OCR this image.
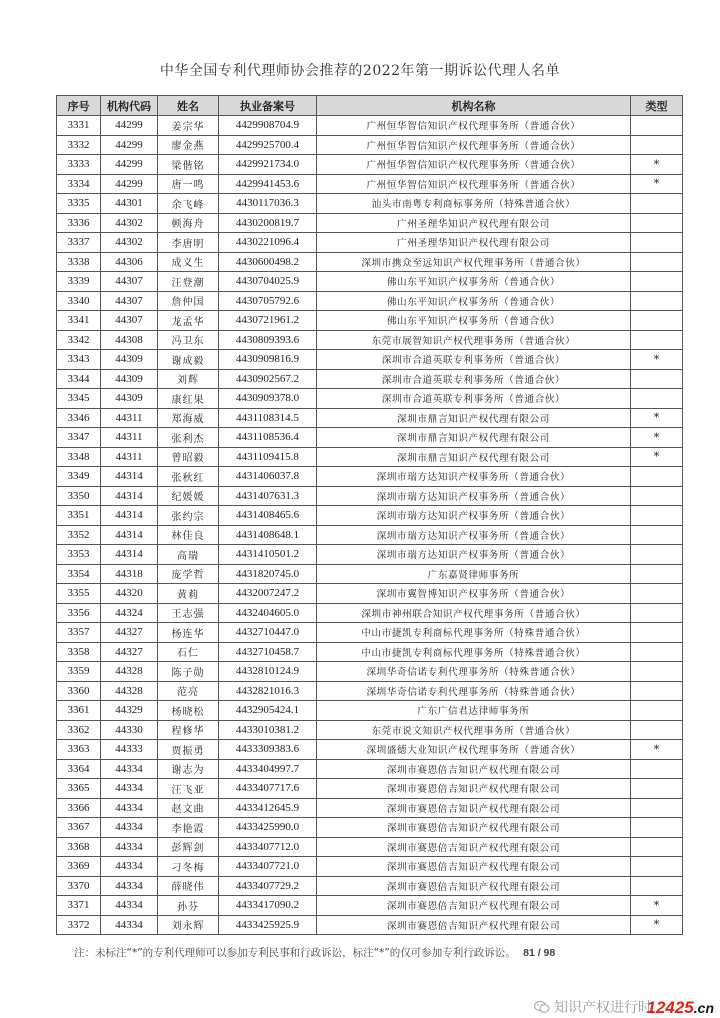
中华全国专利代理师协会推荐的2022年第一期诉讼代理人名单
序号	机构代码	姓名	执业备案号	机构名称	类型
3331	44299	姜宗华	4429908704.9	广州恒华智信知识产权代理事务所（普通合伙）	
3332	44299	廖金燕	4429925700.4	广州恒华智信知识产权代理事务所（普通合伙）	
3333	44299	梁偕铭	4429921734.0	广州恒华智信知识产权代理事务所（普通合伙）	*
3334	44299	唐一鸣	4429941453.6	广州恒华智信知识产权代理事务所（普通合伙）	*
3335	44301	余飞峰	4430117036.3	汕头市南粤专利商标事务所（特殊普通合伙）	
3336	44302	顿海舟	4430200819.7	广州圣理华知识产权代理有限公司	
3337	44302	李唐明	4430221096.4	广州圣理华知识产权代理有限公司	
3338	44306	成义生	4430600498.2	深圳市携众至远知识产权代理事务所（普通合伙）	
3339	44307	汪登潮	4430704025.9	佛山东平知识产权事务所（普通合伙）	
3340	44307	詹仲国	4430705792.6	佛山东平知识产权事务所（普通合伙）	
3341	44307	龙孟华	4430721961.2	佛山东平知识产权事务所（普通合伙）	
3342	44308	冯卫东	4430809393.6	东莞市展智知识产权代理事务所（普通合伙）	
3343	44309	谢成毅	4430909816.9	深圳市合道英联专利事务所（普通合伙）	*
3344	44309	刘辉	4430902567.2	深圳市合道英联专利事务所（普通合伙）	
3345	44309	康红果	4430909378.0	深圳市合道英联专利事务所（普通合伙）	
3346	44311	郑海威	4431108314.5	深圳市鼎言知识产权代理有限公司	*
3347	44311	张利杰	4431108536.4	深圳市鼎言知识产权代理有限公司	*
3348	44311	曾昭毅	4431109415.8	深圳市鼎言知识产权代理有限公司	*
3349	44314	张秋红	4431406037.8	深圳市瑞方达知识产权事务所（普通合伙）	
3350	44314	纪媛媛	4431407631.3	深圳市瑞方达知识产权事务所（普通合伙）	
3351	44314	张约宗	4431408465.6	深圳市瑞方达知识产权事务所（普通合伙）	
3352	44314	林佳良	4431408648.1	深圳市瑞方达知识产权事务所（普通合伙）	
3353	44314	高瑞	4431410501.2	深圳市瑞方达知识产权事务所（普通合伙）	
3354	44318	庞学哲	4431820745.0	广东嘉贤律师事务所	
3355	44320	黄莉	4432007247.2	深圳市翼智博知识产权事务所（普通合伙）	
3356	44324	王志强	4432404605.0	深圳市神州联合知识产权代理事务所（普通合伙）	
3357	44327	杨连华	4432710447.0	中山市捷凯专利商标代理事务所（特殊普通合伙）	
3358	44327	石仁	4432710458.7	中山市捷凯专利商标代理事务所（特殊普通合伙）	
3359	44328	陈子勋	4432810124.9	深圳华奇信诺专利代理事务所（特殊普通合伙）	
3360	44328	范亮	4432821016.3	深圳华奇信诺专利代理事务所（特殊普通合伙）	
3361	44329	杨晓松	4432905424.1	广东广信君达律师事务所	
3362	44330	程修华	4433010381.2	东莞市说文知识产权代理事务所（普通合伙）	
3363	44333	贾振勇	4433309383.6	深圳盛德大业知识产权代理事务所（普通合伙）	*
3364	44334	谢志为	4433404997.7	深圳市赛恩倍吉知识产权代理有限公司	
3365	44334	汪飞亚	4433407717.6	深圳市赛恩倍吉知识产权代理有限公司	
3366	44334	赵文曲	4433412645.9	深圳市赛恩倍吉知识产权代理有限公司	
3367	44334	李艳霞	4433425990.0	深圳市赛恩倍吉知识产权代理有限公司	
3368	44334	彭辉剑	4433407712.0	深圳市赛恩倍吉知识产权代理有限公司	
3369	44334	刁冬梅	4433407721.0	深圳市赛恩倍吉知识产权代理有限公司	
3370	44334	薛晓伟	4433407729.2	深圳市赛恩倍吉知识产权代理有限公司	
3371	44334	孙芬	4433417090.2	深圳市赛恩倍吉知识产权代理有限公司	*
3372	44334	刘永辉	4433425925.9	深圳市赛恩倍吉知识产权代理有限公司	*
注：未标注“*”的专利代理师可以参加专利民事和行政诉讼，标注“*”的仅可参加专利行政诉讼。 81 / 98
知识产权进行时
12425.cn
